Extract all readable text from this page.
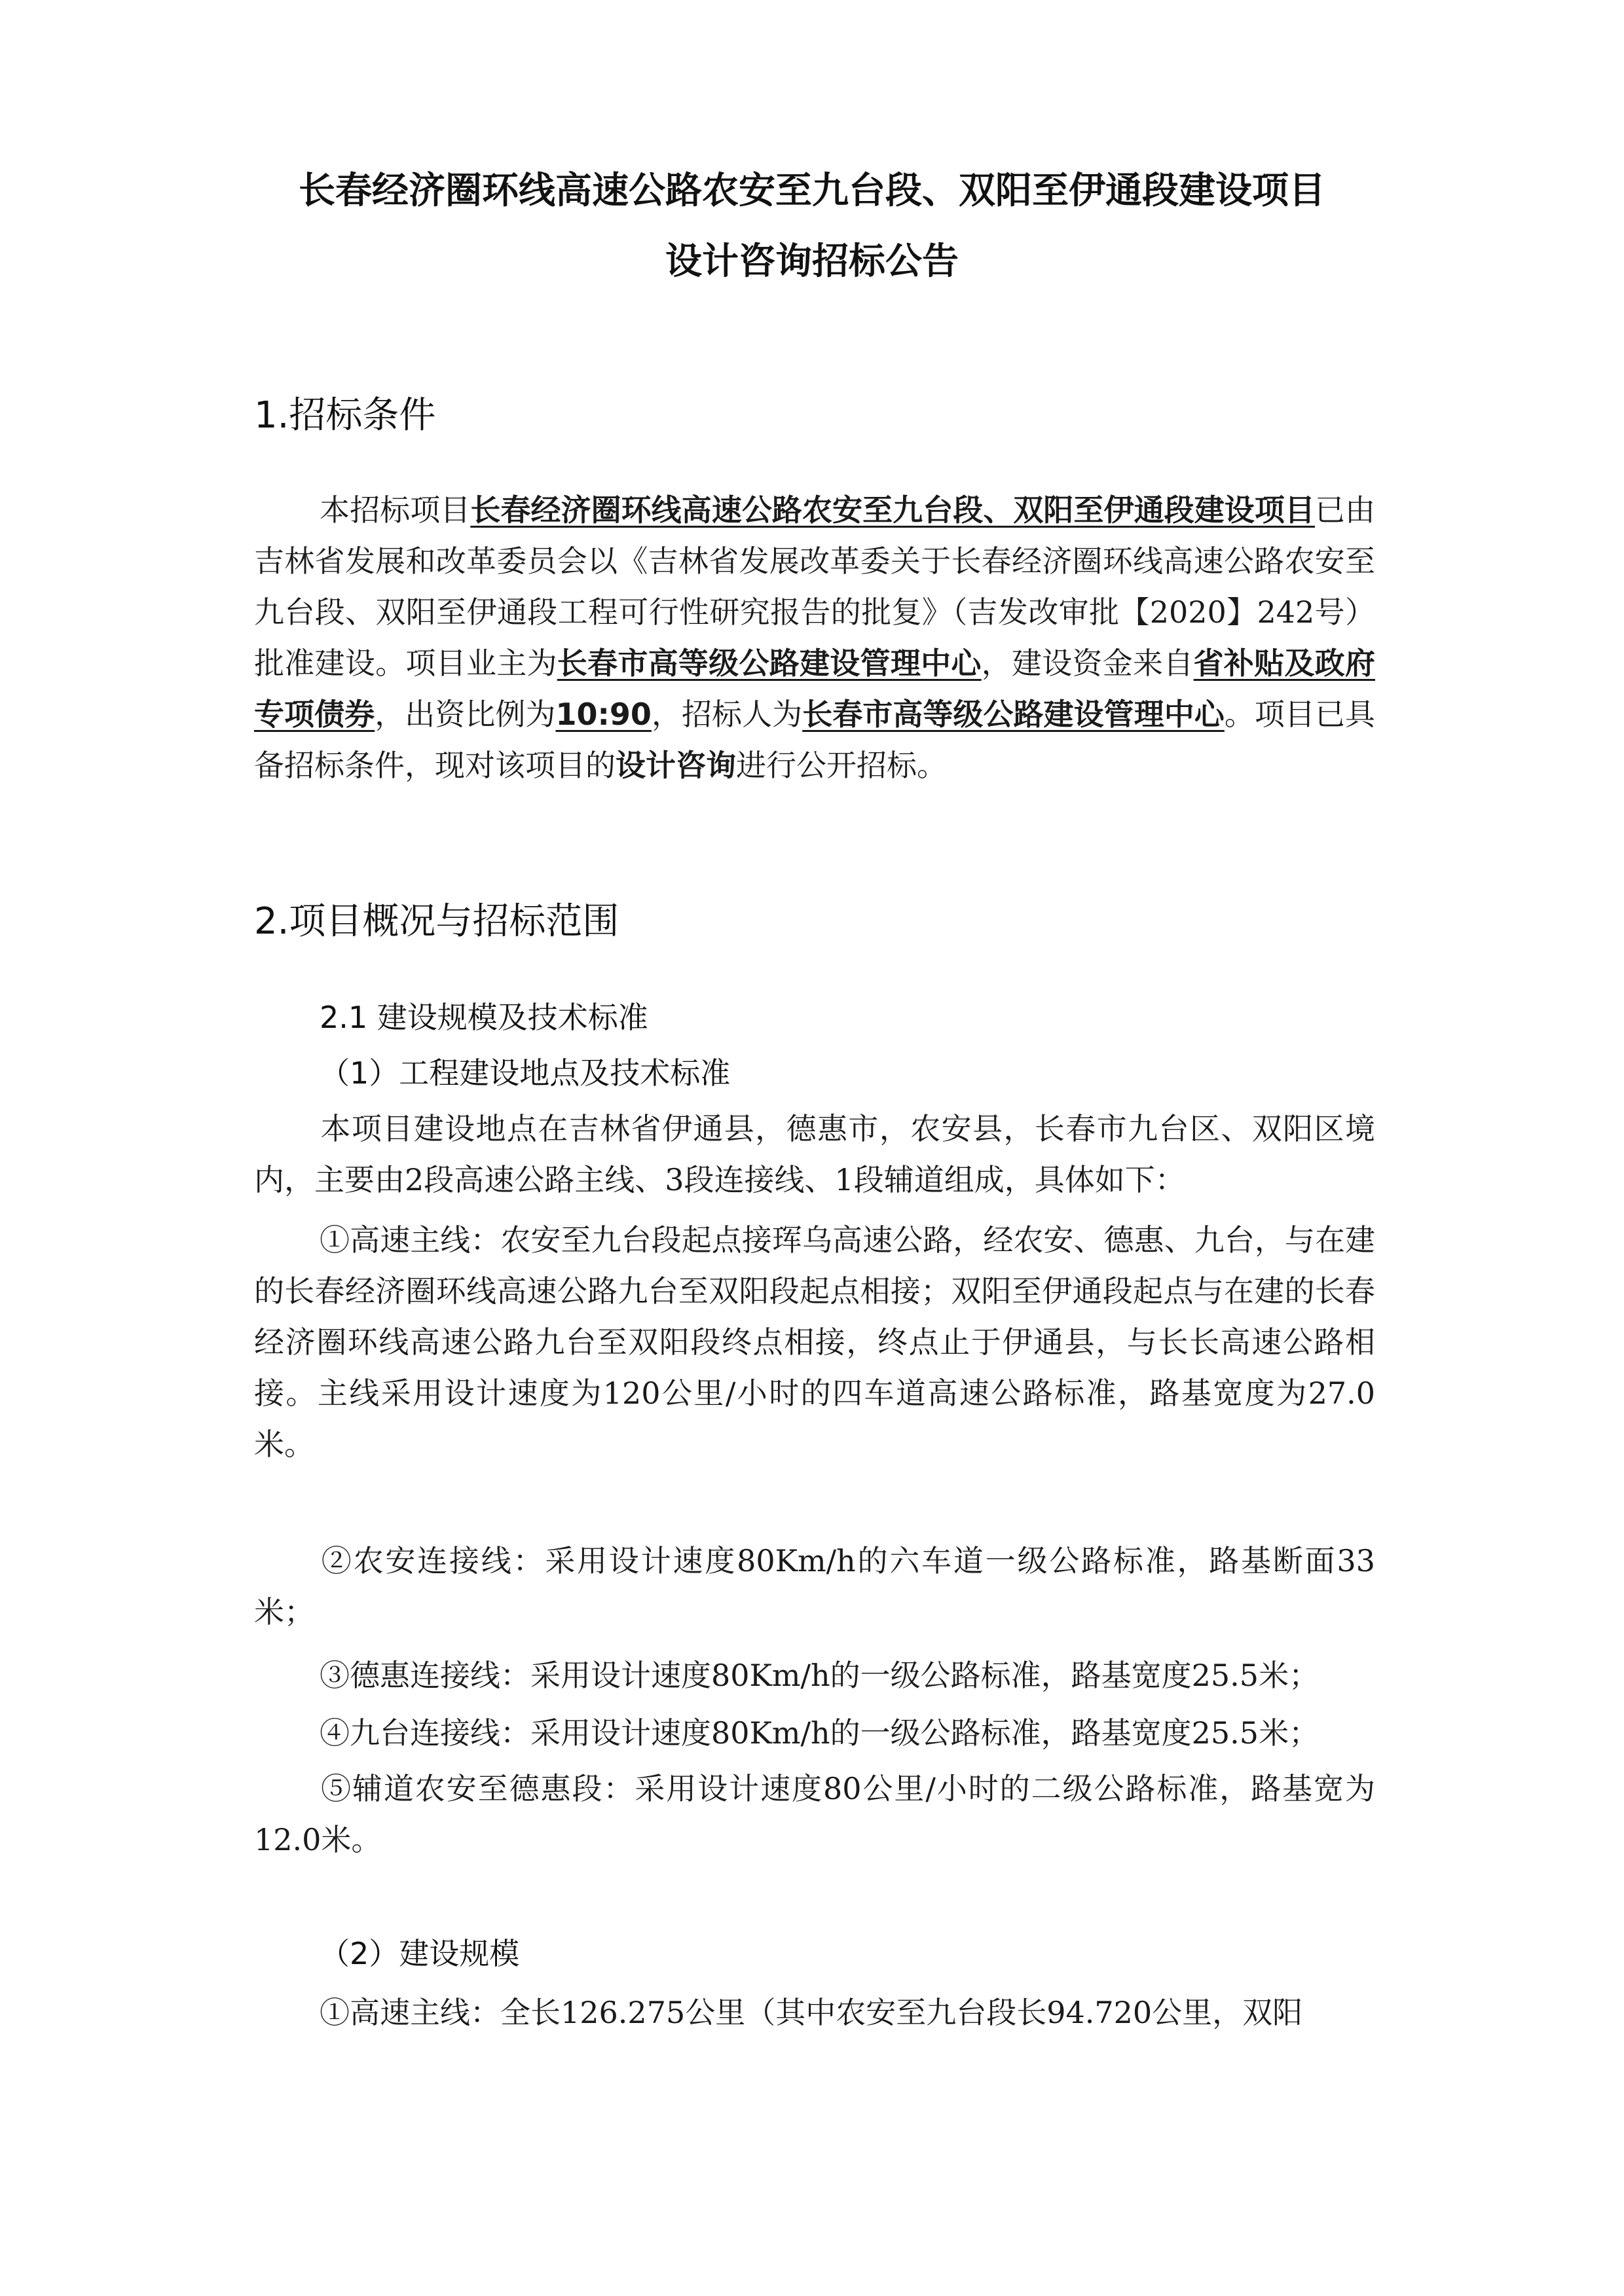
长春经济圈环线高速公路农安至九台段、双阳至伊通段建设项目
设计咨询招标公告
1.招标条件
本招标项目长春经济圈环线高速公路农安至九台段、双阳至伊通段建设项目已由吉林省发展和改革委员会以《吉林省发展改革委关于长春经济圈环线高速公路农安至九台段、双阳至伊通段工程可行性研究报告的批复》（吉发改审批【2020】242号）批准建设。项目业主为长春市高等级公路建设管理中心，建设资金来自省补贴及政府专项债券，出资比例为10:90，招标人为长春市高等级公路建设管理中心。项目已具备招标条件，现对该项目的设计咨询进行公开招标。
2.项目概况与招标范围
2.1 建设规模及技术标准
（1）工程建设地点及技术标准
本项目建设地点在吉林省伊通县，德惠市，农安县，长春市九台区、双阳区境内，主要由2段高速公路主线、3段连接线、1段辅道组成，具体如下：
①高速主线：农安至九台段起点接珲乌高速公路，经农安、德惠、九台，与在建的长春经济圈环线高速公路九台至双阳段起点相接；双阳至伊通段起点与在建的长春经济圈环线高速公路九台至双阳段终点相接，终点止于伊通县，与长长高速公路相接。主线采用设计速度为120公里/小时的四车道高速公路标准，路基宽度为27.0米。
②农安连接线：采用设计速度80Km/h的六车道一级公路标准，路基断面33米；
③德惠连接线：采用设计速度80Km/h的一级公路标准，路基宽度25.5米；
④九台连接线：采用设计速度80Km/h的一级公路标准，路基宽度25.5米；
⑤辅道农安至德惠段：采用设计速度80公里/小时的二级公路标准，路基宽为12.0米。
（2）建设规模
①高速主线：全长126.275公里（其中农安至九台段长94.720公里，双阳
